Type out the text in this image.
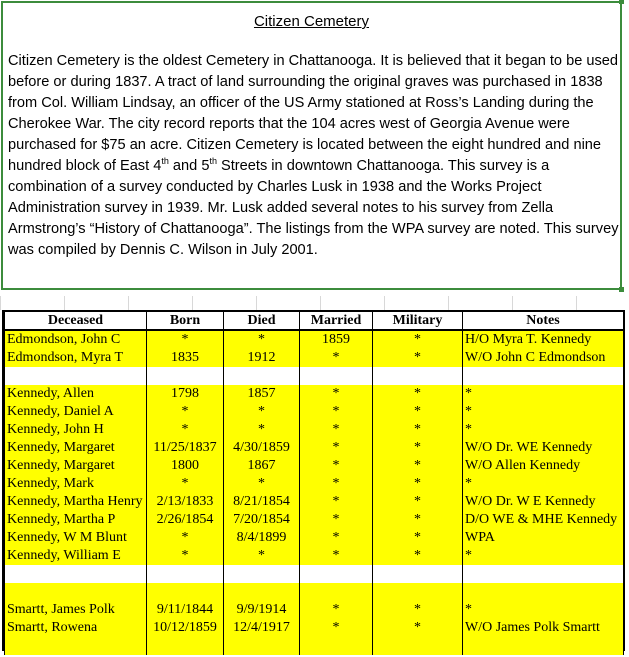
Citizen Cemetery

Citizen Cemetery is the oldest Cemetery in Chattanooga. It is believed that it began to be used before or during 1837. A tract of land surrounding the original graves was purchased in 1838 from Col. William Lindsay, an officer of the US Army stationed at Ross’s Landing during the Cherokee War. The city record reports that the 104 acres west of Georgia Avenue were purchased for $75 an acre. Citizen Cemetery is located between the eight hundred and nine hundred block of East 4th and 5th Streets in downtown Chattanooga. This survey is a combination of a survey conducted by Charles Lusk in 1938 and the Works Project Administration survey in 1939. Mr. Lusk added several notes to his survey from Zella Armstrong’s “History of Chattanooga”. The listings from the WPA survey are noted. This survey was compiled by Dennis C. Wilson in July 2001.

Deceased	Born	Died	Married	Military	Notes
Edmondson, John C	*	*	1859	*	H/O Myra T. Kennedy
Edmondson, Myra T	1835	1912	*	*	W/O John C Edmondson

Kennedy, Allen	1798	1857	*	*	*
Kennedy, Daniel A	*	*	*	*	*
Kennedy, John H	*	*	*	*	*
Kennedy, Margaret	11/25/1837	4/30/1859	*	*	W/O Dr. WE Kennedy
Kennedy, Margaret	1800	1867	*	*	W/O Allen Kennedy
Kennedy, Mark	*	*	*	*	*
Kennedy, Martha Henry	2/13/1833	8/21/1854	*	*	W/O Dr. W E Kennedy
Kennedy, Martha P	2/26/1854	7/20/1854	*	*	D/O WE & MHE Kennedy
Kennedy, W M Blunt	*	8/4/1899	*	*	WPA
Kennedy, William E	*	*	*	*	*

Smartt, James Polk	9/11/1844	9/9/1914	*	*	*
Smartt, Rowena	10/12/1859	12/4/1917	*	*	W/O James Polk Smartt
